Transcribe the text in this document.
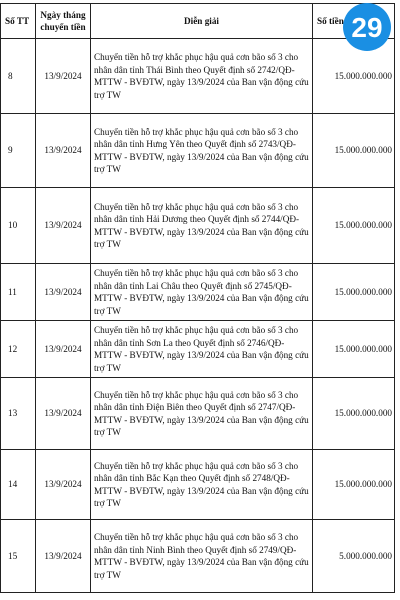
Số TT	Ngày tháng chuyển tiền	Diễn giải	Số tiền
8	13/9/2024	Chuyển tiền hỗ trợ khắc phục hậu quả cơn bão số 3 cho nhân dân tỉnh Thái Bình theo Quyết định số 2742/QĐ-MTTW - BVĐTW, ngày 13/9/2024 của Ban vận động cứu trợ TW	15.000.000.000
9	13/9/2024	Chuyển tiền hỗ trợ khắc phục hậu quả cơn bão số 3 cho nhân dân tỉnh Hưng Yên theo Quyết định số 2743/QĐ-MTTW - BVĐTW, ngày 13/9/2024 của Ban vận động cứu trợ TW	15.000.000.000
10	13/9/2024	Chuyển tiền hỗ trợ khắc phục hậu quả cơn bão số 3 cho nhân dân tỉnh Hải Dương theo Quyết định số 2744/QĐ-MTTW - BVĐTW, ngày 13/9/2024 của Ban vận động cứu trợ TW	15.000.000.000
11	13/9/2024	Chuyển tiền hỗ trợ khắc phục hậu quả cơn bão số 3 cho nhân dân tỉnh Lai Châu theo Quyết định số 2745/QĐ-MTTW - BVĐTW, ngày 13/9/2024 của Ban vận động cứu trợ TW	15.000.000.000
12	13/9/2024	Chuyển tiền hỗ trợ khắc phục hậu quả cơn bão số 3 cho nhân dân tỉnh Sơn La theo Quyết định số 2746/QĐ-MTTW - BVĐTW, ngày 13/9/2024 của Ban vận động cứu trợ TW	15.000.000.000
13	13/9/2024	Chuyển tiền hỗ trợ khắc phục hậu quả cơn bão số 3 cho nhân dân tỉnh Điện Biên theo Quyết định số 2747/QĐ-MTTW - BVĐTW, ngày 13/9/2024 của Ban vận động cứu trợ TW	15.000.000.000
14	13/9/2024	Chuyển tiền hỗ trợ khắc phục hậu quả cơn bão số 3 cho nhân dân tỉnh Bắc Kạn theo Quyết định số 2748/QĐ-MTTW - BVĐTW, ngày 13/9/2024 của Ban vận động cứu trợ TW	15.000.000.000
15	13/9/2024	Chuyển tiền hỗ trợ khắc phục hậu quả cơn bão số 3 cho nhân dân tỉnh Ninh Bình theo Quyết định số 2749/QĐ-MTTW - BVĐTW, ngày 13/9/2024 của Ban vận động cứu trợ TW	5.000.000.000
29
